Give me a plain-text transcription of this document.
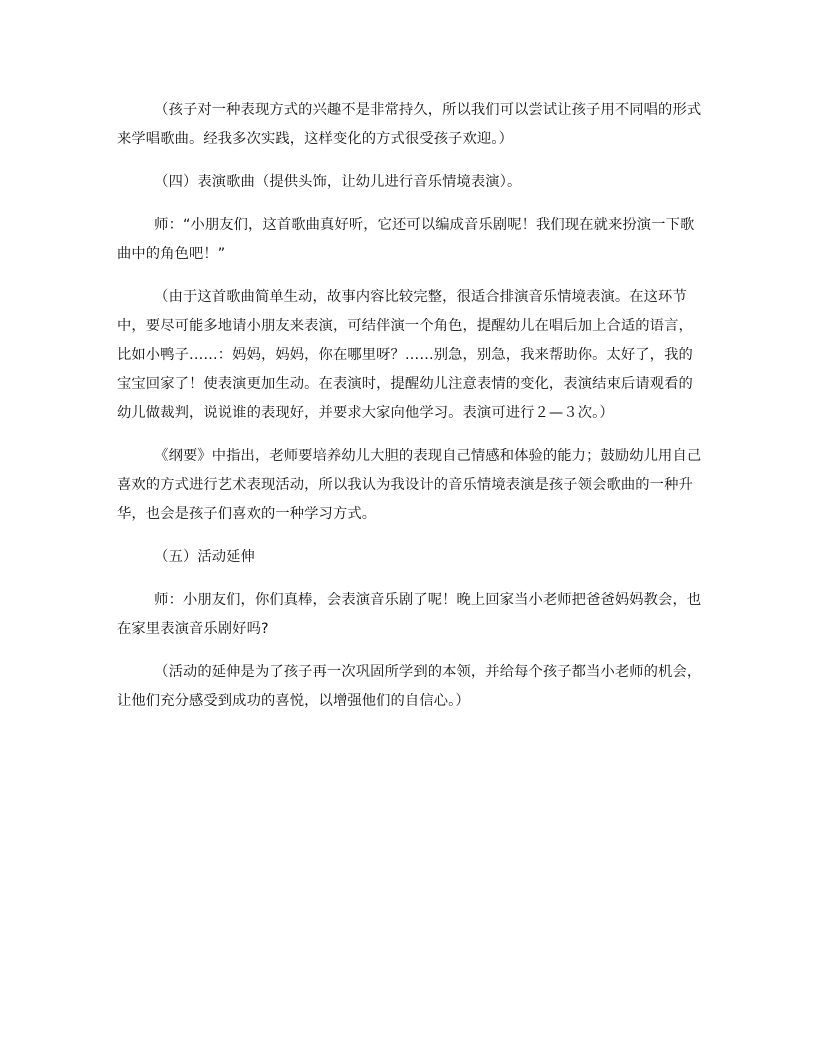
（孩子对一种表现方式的兴趣不是非常持久，所以我们可以尝试让孩子用不同唱的形式来学唱歌曲。经我多次实践，这样变化的方式很受孩子欢迎。）

（四）表演歌曲（提供头饰，让幼儿进行音乐情境表演）。

师：“小朋友们，这首歌曲真好听，它还可以编成音乐剧呢！我们现在就来扮演一下歌曲中的角色吧！”

（由于这首歌曲简单生动，故事内容比较完整，很适合排演音乐情境表演。在这环节中，要尽可能多地请小朋友来表演，可结伴演一个角色，提醒幼儿在唱后加上合适的语言，比如小鸭子……：妈妈，妈妈，你在哪里呀？……别急，别急，我来帮助你。太好了，我的宝宝回家了！使表演更加生动。在表演时，提醒幼儿注意表情的变化，表演结束后请观看的幼儿做裁判，说说谁的表现好，并要求大家向他学习。表演可进行２—３次。）

《纲要》中指出，老师要培养幼儿大胆的表现自己情感和体验的能力；鼓励幼儿用自己喜欢的方式进行艺术表现活动，所以我认为我设计的音乐情境表演是孩子领会歌曲的一种升华，也会是孩子们喜欢的一种学习方式。

（五）活动延伸

师：小朋友们，你们真棒，会表演音乐剧了呢！晚上回家当小老师把爸爸妈妈教会，也在家里表演音乐剧好吗?

（活动的延伸是为了孩子再一次巩固所学到的本领，并给每个孩子都当小老师的机会，让他们充分感受到成功的喜悦，以增强他们的自信心。）
